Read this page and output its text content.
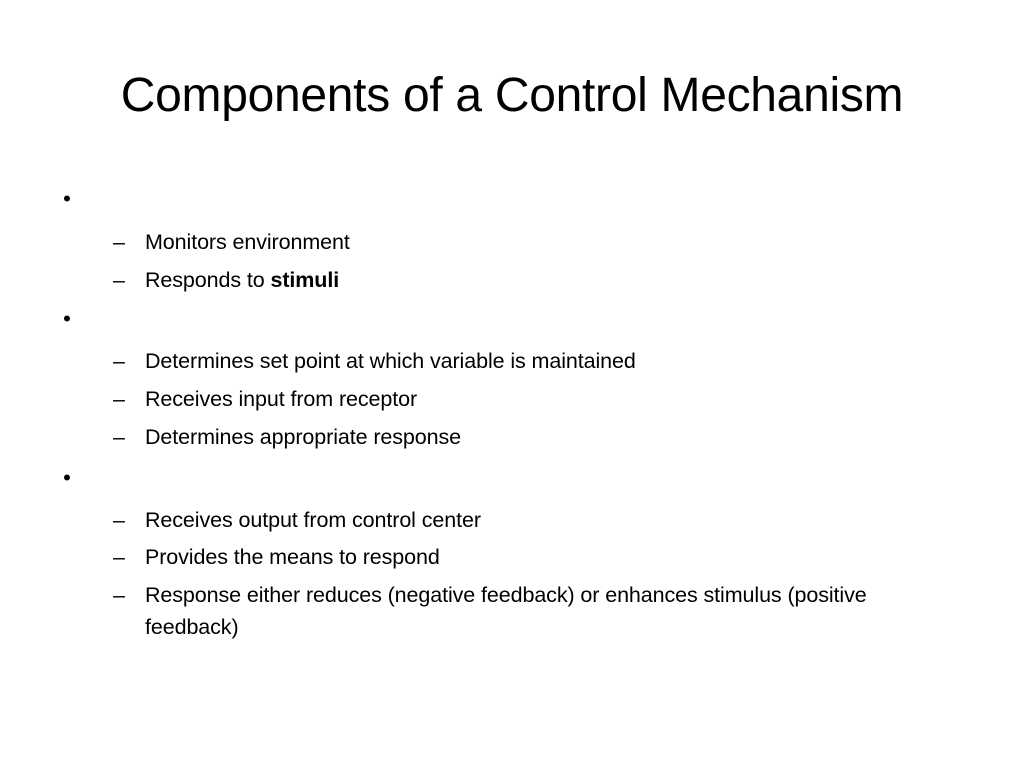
Components of a Control Mechanism
•
– Monitors environment
– Responds to stimuli
•
– Determines set point at which variable is maintained
– Receives input from receptor
– Determines appropriate response
•
– Receives output from control center
– Provides the means to respond
– Response either reduces (negative feedback) or enhances stimulus (positive feedback)
